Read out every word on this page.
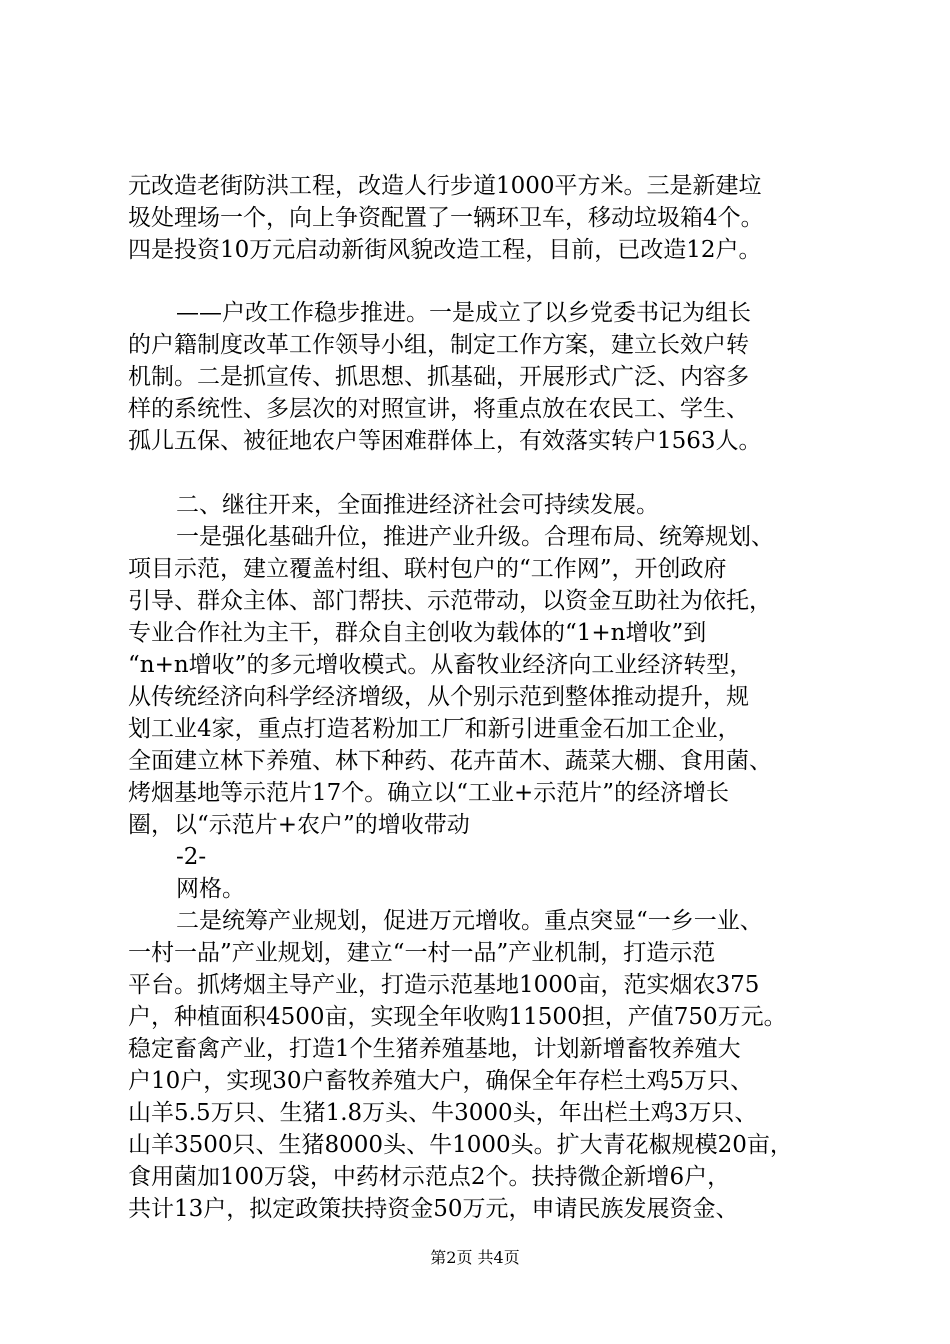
元改造老街防洪工程，改造人行步道1000平方米。三是新建垃
圾处理场一个，向上争资配置了一辆环卫车，移动垃圾箱4个。
四是投资10万元启动新街风貌改造工程，目前，已改造12户。
——户改工作稳步推进。一是成立了以乡党委书记为组长
的户籍制度改革工作领导小组，制定工作方案，建立长效户转
机制。二是抓宣传、抓思想、抓基础，开展形式广泛、内容多
样的系统性、多层次的对照宣讲，将重点放在农民工、学生、
孤儿五保、被征地农户等困难群体上，有效落实转户1563人。
二、继往开来，全面推进经济社会可持续发展。
一是强化基础升位，推进产业升级。合理布局、统筹规划、
项目示范，建立覆盖村组、联村包户的“工作网”，开创政府
引导、群众主体、部门帮扶、示范带动，以资金互助社为依托，
专业合作社为主干，群众自主创收为载体的“1+n增收”到
“n+n增收”的多元增收模式。从畜牧业经济向工业经济转型，
从传统经济向科学经济增级，从个别示范到整体推动提升，规
划工业4家，重点打造茗粉加工厂和新引进重金石加工企业，
全面建立林下养殖、林下种药、花卉苗木、蔬菜大棚、食用菌、
烤烟基地等示范片17个。确立以“工业+示范片”的经济增长
圈，以“示范片+农户”的增收带动
-2-
网格。
二是统筹产业规划，促进万元增收。重点突显“一乡一业、
一村一品”产业规划，建立“一村一品”产业机制，打造示范
平台。抓烤烟主导产业，打造示范基地1000亩，范实烟农375
户，种植面积4500亩，实现全年收购11500担，产值750万元。
稳定畜禽产业，打造1个生猪养殖基地，计划新增畜牧养殖大
户10户，实现30户畜牧养殖大户，确保全年存栏土鸡5万只、
山羊5.5万只、生猪1.8万头、牛3000头，年出栏土鸡3万只、
山羊3500只、生猪8000头、牛1000头。扩大青花椒规模20亩，
食用菌加100万袋，中药材示范点2个。扶持微企新增6户，
共计13户，拟定政策扶持资金50万元，申请民族发展资金、
第2页 共4页
